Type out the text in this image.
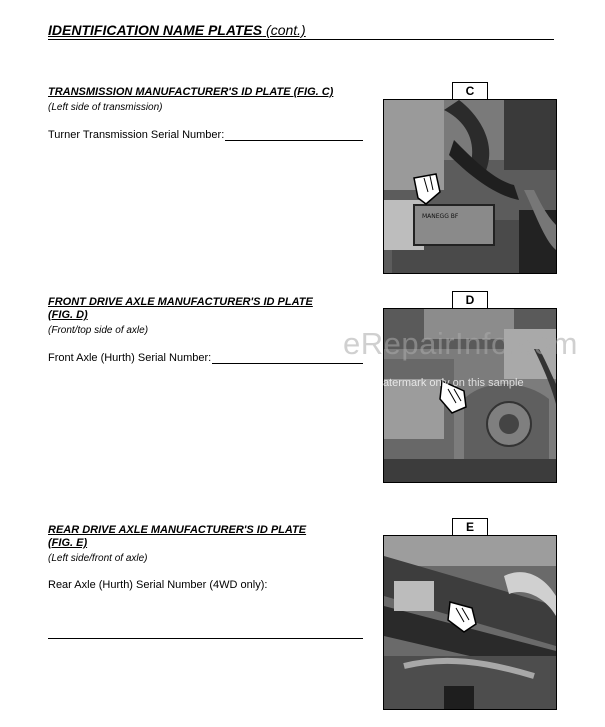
IDENTIFICATION NAME PLATES (cont.)
TRANSMISSION MANUFACTURER'S ID PLATE (FIG. C)
(Left side of transmission)
Turner Transmission Serial Number:
C
MANEGG BF
FRONT DRIVE AXLE MANUFACTURER'S ID PLATE
(FIG. D)
(Front/top side of axle)
Front Axle (Hurth) Serial Number:
D
REAR DRIVE AXLE MANUFACTURER'S ID PLATE
(FIG. E)
(Left side/front of axle)
Rear Axle (Hurth) Serial Number (4WD only):
E
eRepairInfo.com
watermark only on this sample
